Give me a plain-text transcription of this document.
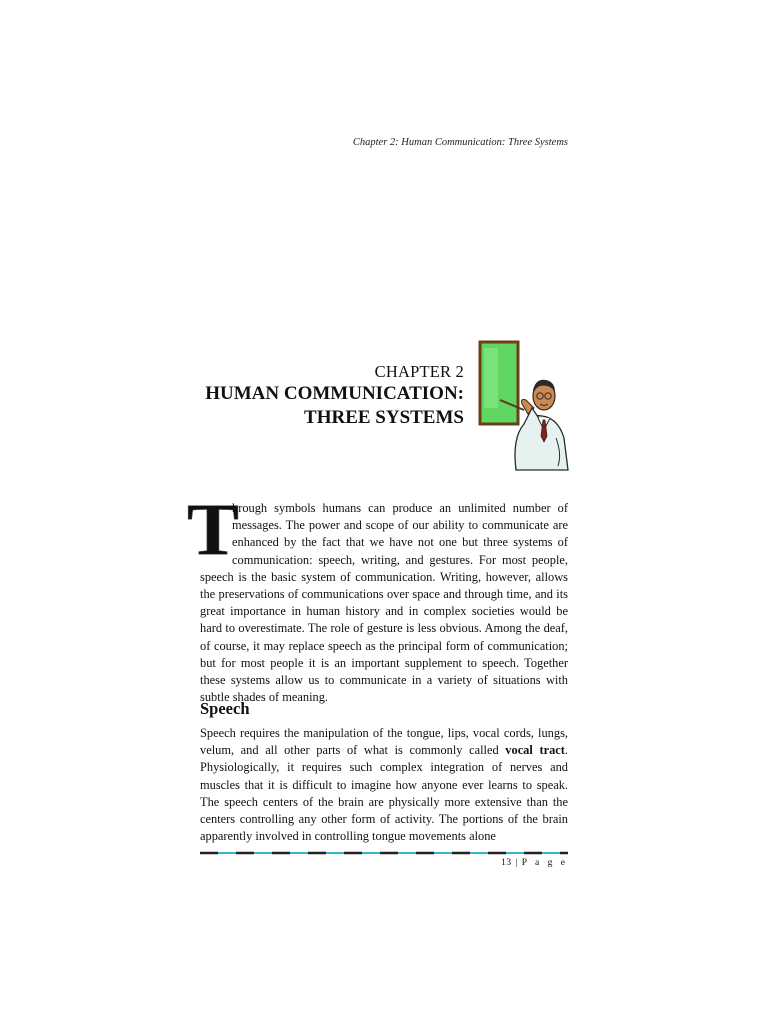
Chapter 2: Human Communication: Three Systems
CHAPTER 2
HUMAN COMMUNICATION:
THREE SYSTEMS
T
hrough symbols humans can produce an unlimited number of messages. The power and scope of our ability to communicate are enhanced by the fact that we have not one but three systems of communication: speech, writing, and gestures. For most people, speech is the basic system of communication. Writing, however, allows the preservations of communications over space and through time, and its great importance in human history and in complex societies would be hard to overestimate. The role of gesture is less obvious. Among the deaf, of course, it may replace speech as the principal form of communication; but for most people it is an important supplement to speech. Together these systems allow us to communicate in a variety of situations with subtle shades of meaning.
Speech
Speech requires the manipulation of the tongue, lips, vocal cords, lungs, velum, and all other parts of what is commonly called vocal tract. Physiologically, it requires such complex integration of nerves and muscles that it is difficult to imagine how anyone ever learns to speak. The speech centers of the brain are physically more extensive than the centers controlling any other form of activity. The portions of the brain apparently involved in controlling tongue movements alone
13 | P a g e
